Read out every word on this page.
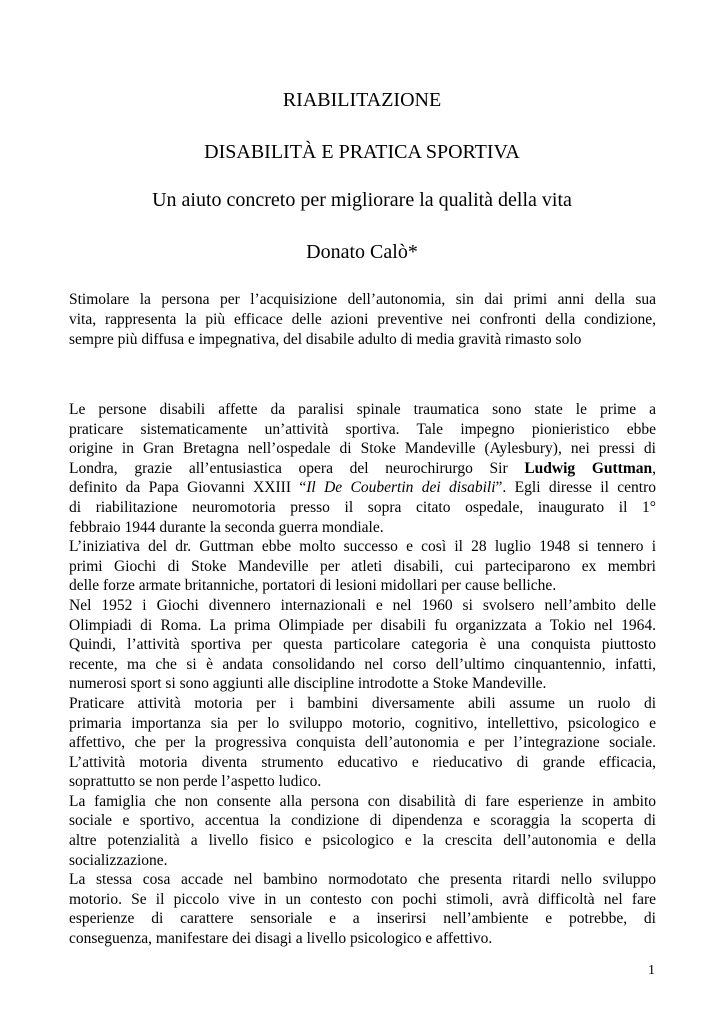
RIABILITAZIONE
DISABILITÀ E PRATICA SPORTIVA
Un aiuto concreto per migliorare la qualità della vita
Donato Calò*
Stimolare la persona per l’acquisizione dell’autonomia, sin dai primi anni della sua
vita, rappresenta la più efficace delle azioni preventive nei confronti della condizione,
sempre più diffusa e impegnativa, del disabile adulto di media gravità rimasto solo
Le persone disabili affette da paralisi spinale traumatica sono state le prime a
praticare sistematicamente un’attività sportiva. Tale impegno pionieristico ebbe
origine in Gran Bretagna nell’ospedale di Stoke Mandeville (Aylesbury), nei pressi di
Londra, grazie all’entusiastica opera del neurochirurgo Sir Ludwig Guttman,
definito da Papa Giovanni XXIII “Il De Coubertin dei disabili”. Egli diresse il centro
di riabilitazione neuromotoria presso il sopra citato ospedale, inaugurato il 1°
febbraio 1944 durante la seconda guerra mondiale.
L’iniziativa del dr. Guttman ebbe molto successo e così il 28 luglio 1948 si tennero i
primi Giochi di Stoke Mandeville per atleti disabili, cui parteciparono ex membri
delle forze armate britanniche, portatori di lesioni midollari per cause belliche.
Nel 1952 i Giochi divennero internazionali e nel 1960 si svolsero nell’ambito delle
Olimpiadi di Roma. La prima Olimpiade per disabili fu organizzata a Tokio nel 1964.
Quindi, l’attività sportiva per questa particolare categoria è una conquista piuttosto
recente, ma che si è andata consolidando nel corso dell’ultimo cinquantennio, infatti,
numerosi sport si sono aggiunti alle discipline introdotte a Stoke Mandeville.
Praticare attività motoria per i bambini diversamente abili assume un ruolo di
primaria importanza sia per lo sviluppo motorio, cognitivo, intellettivo, psicologico e
affettivo, che per la progressiva conquista dell’autonomia e per l’integrazione sociale.
L’attività motoria diventa strumento educativo e rieducativo di grande efficacia,
soprattutto se non perde l’aspetto ludico.
La famiglia che non consente alla persona con disabilità di fare esperienze in ambito
sociale e sportivo, accentua la condizione di dipendenza e scoraggia la scoperta di
altre potenzialità a livello fisico e psicologico e la crescita dell’autonomia e della
socializzazione.
La stessa cosa accade nel bambino normodotato che presenta ritardi nello sviluppo
motorio. Se il piccolo vive in un contesto con pochi stimoli, avrà difficoltà nel fare
esperienze di carattere sensoriale e a inserirsi nell’ambiente e potrebbe, di
conseguenza, manifestare dei disagi a livello psicologico e affettivo.
1
